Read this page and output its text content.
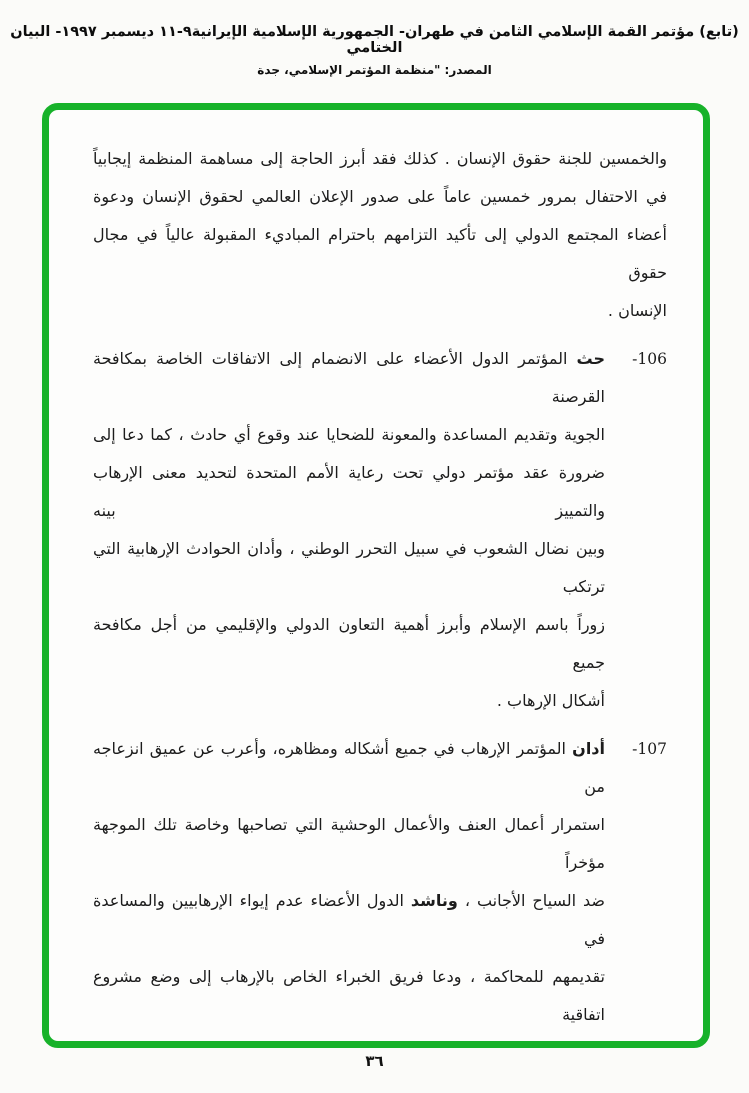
(تابع) مؤتمر القمة الإسلامي الثامن في طهران- الجمهورية الإسلامية الإيرانية٩-١١ ديسمبر ١٩٩٧- البيان الختامي
المصدر: "منظمة المؤتمر الإسلامي، جدة
والخمسين للجنة حقوق الإنسان . كذلك فقد أبرز الحاجة إلى مساهمة المنظمة إيجابياً
في الاحتفال بمرور خمسين عاماً على صدور الإعلان العالمي لحقوق الإنسان ودعوة
أعضاء المجتمع الدولي إلى تأكيد التزامهم باحترام المباديء المقبولة عالياً في مجال حقوق
الإنسان .
-106
حث المؤتمر الدول الأعضاء على الانضمام إلى الاتفاقات الخاصة بمكافحة القرصنة
الجوية وتقديم المساعدة والمعونة للضحايا عند وقوع أي حادث ، كما دعا إلى
ضرورة عقد مؤتمر دولي تحت رعاية الأمم المتحدة لتحديد معنى الإرهاب والتمييز بينه
وبين نضال الشعوب في سبيل التحرر الوطني ، وأدان الحوادث الإرهابية التي ترتكب
زوراً باسم الإسلام وأبرز أهمية التعاون الدولي والإقليمي من أجل مكافحة جميع
أشكال الإرهاب .
-107
أدان المؤتمر الإرهاب في جميع أشكاله ومظاهره، وأعرب عن عميق انزعاجه من
استمرار أعمال العنف والأعمال الوحشية التي تصاحبها وخاصة تلك الموجهة مؤخراً
ضد السياح الأجانب ، وناشد الدول الأعضاء عدم إيواء الإرهابيين والمساعدة في
تقديمهم للمحاكمة ، ودعا فريق الخبراء الخاص بالإرهاب إلى وضع مشروع اتفاقية
٣٦
